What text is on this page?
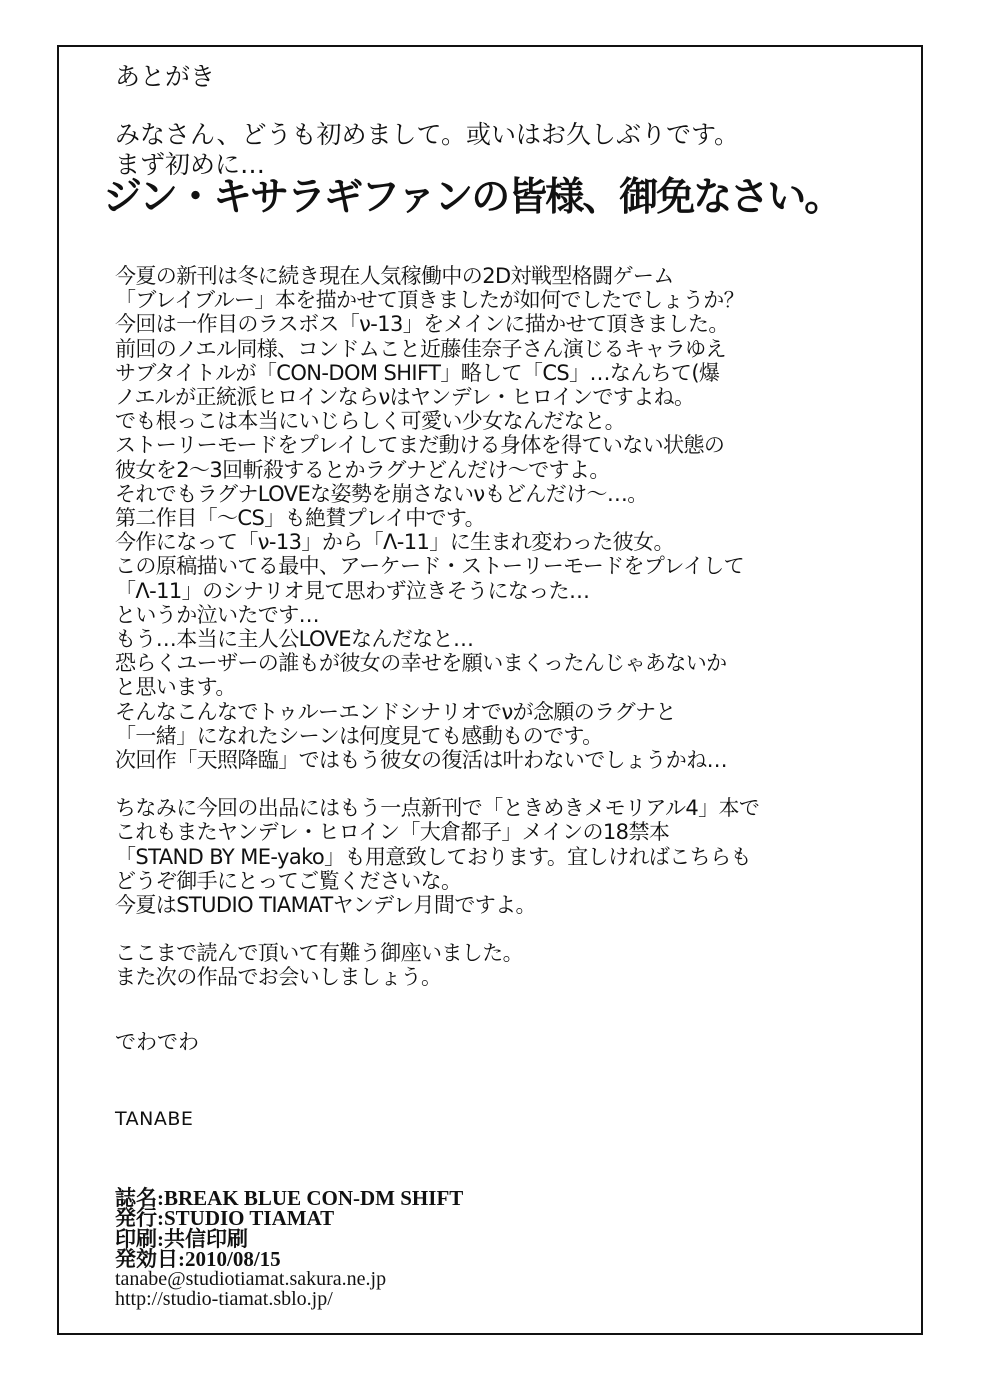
あとがき
みなさん、どうも初めまして。或いはお久しぶりです。
まず初めに…
ジン・キサラギファンの皆様、御免なさい。
今夏の新刊は冬に続き現在人気稼働中の2D対戦型格闘ゲーム
「ブレイブルー」本を描かせて頂きましたが如何でしたでしょうか？
今回は一作目のラスボス「ν-13」をメインに描かせて頂きました。
前回のノエル同様、コンドムこと近藤佳奈子さん演じるキャラゆえ
サブタイトルが「CON-DOM SHIFT」略して「CS」…なんちて(爆
ノエルが正統派ヒロインならνはヤンデレ・ヒロインですよね。
でも根っこは本当にいじらしく可愛い少女なんだなと。
ストーリーモードをプレイしてまだ動ける身体を得ていない状態の
彼女を2～3回斬殺するとかラグナどんだけ～ですよ。
それでもラグナLOVEな姿勢を崩さないνもどんだけ～…。
第二作目「～CS」も絶賛プレイ中です。
今作になって「ν-13」から「Λ-11」に生まれ変わった彼女。
この原稿描いてる最中、アーケード・ストーリーモードをプレイして
「Λ-11」のシナリオ見て思わず泣きそうになった…
というか泣いたです…
もう…本当に主人公LOVEなんだなと…
恐らくユーザーの誰もが彼女の幸せを願いまくったんじゃあないか
と思います。
そんなこんなでトゥルーエンドシナリオでνが念願のラグナと
「一緒」になれたシーンは何度見ても感動ものです。
次回作「天照降臨」ではもう彼女の復活は叶わないでしょうかね…
ちなみに今回の出品にはもう一点新刊で「ときめきメモリアル4」本で
これもまたヤンデレ・ヒロイン「大倉都子」メインの18禁本
「STAND BY ME-yako」も用意致しております。宜しければこちらも
どうぞ御手にとってご覧くださいな。
今夏はSTUDIO TIAMATヤンデレ月間ですよ。
ここまで読んで頂いて有難う御座いました。
また次の作品でお会いしましょう。
でわでわ
TANABE
誌名:BREAK BLUE CON-DM SHIFT
発行:STUDIO TIAMAT
印刷:共信印刷
発効日:2010/08/15
tanabe@studiotiamat.sakura.ne.jp
http://studio-tiamat.sblo.jp/
